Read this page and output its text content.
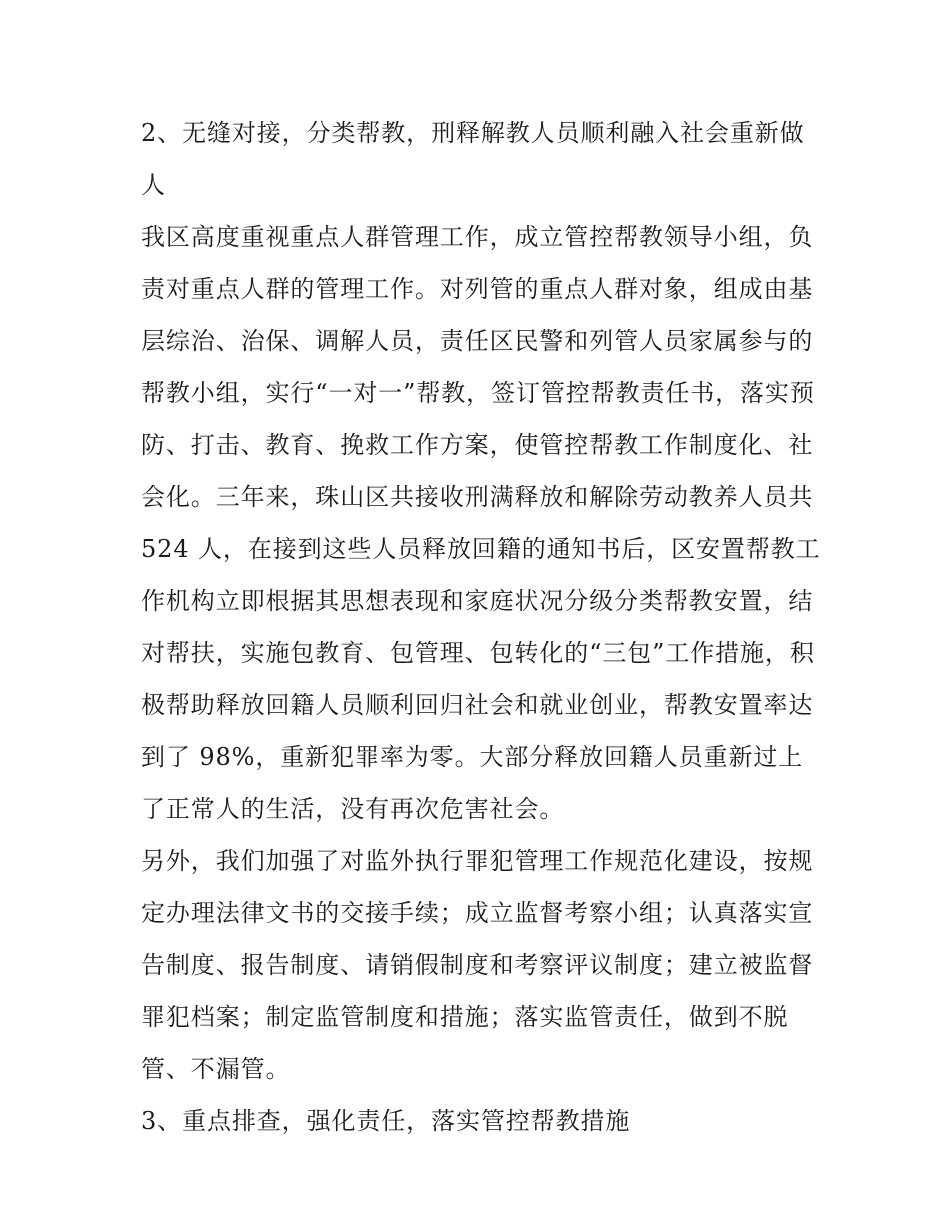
2、无缝对接，分类帮教，刑释解教人员顺利融入社会重新做
人
我区高度重视重点人群管理工作，成立管控帮教领导小组，负
责对重点人群的管理工作。对列管的重点人群对象，组成由基
层综治、治保、调解人员，责任区民警和列管人员家属参与的
帮教小组，实行“一对一”帮教，签订管控帮教责任书，落实预
防、打击、教育、挽救工作方案，使管控帮教工作制度化、社
会化。三年来，珠山区共接收刑满释放和解除劳动教养人员共
524 人，在接到这些人员释放回籍的通知书后，区安置帮教工
作机构立即根据其思想表现和家庭状况分级分类帮教安置，结
对帮扶，实施包教育、包管理、包转化的“三包”工作措施，积
极帮助释放回籍人员顺利回归社会和就业创业，帮教安置率达
到了 98%，重新犯罪率为零。大部分释放回籍人员重新过上
了正常人的生活，没有再次危害社会。
另外，我们加强了对监外执行罪犯管理工作规范化建设，按规
定办理法律文书的交接手续；成立监督考察小组；认真落实宣
告制度、报告制度、请销假制度和考察评议制度；建立被监督
罪犯档案；制定监管制度和措施；落实监管责任，做到不脱
管、不漏管。
3、重点排查，强化责任，落实管控帮教措施
